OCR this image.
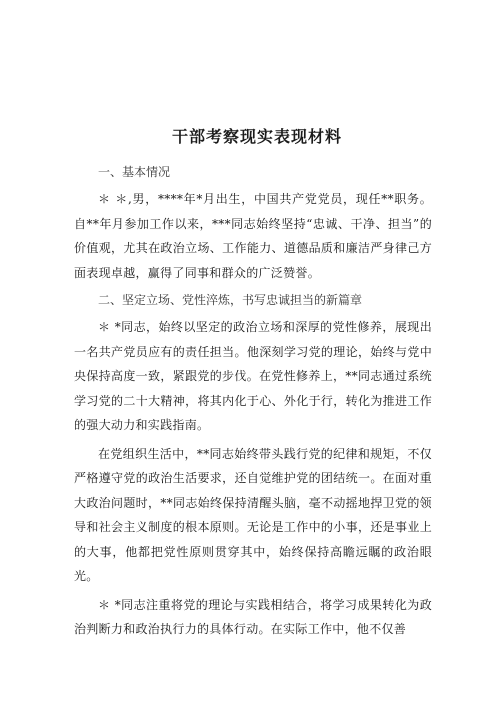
干部考察现实表现材料
一、基本情况

＊ ＊,男，****年*月出生，中国共产党党员，现任**职务。自**年月参加工作以来，***同志始终坚持“忠诚、干净、担当”的价值观，尤其在政治立场、工作能力、道德品质和廉洁严身律己方面表现卓越，赢得了同事和群众的广泛赞誉。

二、坚定立场、党性淬炼，书写忠诚担当的新篇章

＊ *同志，始终以坚定的政治立场和深厚的党性修养，展现出一名共产党员应有的责任担当。他深刻学习党的理论，始终与党中央保持高度一致，紧跟党的步伐。在党性修养上，**同志通过系统学习党的二十大精神，将其内化于心、外化于行，转化为推进工作的强大动力和实践指南。

在党组织生活中，**同志始终带头践行党的纪律和规矩，不仅严格遵守党的政治生活要求，还自觉维护党的团结统一。在面对重大政治问题时，**同志始终保持清醒头脑，毫不动摇地捍卫党的领导和社会主义制度的根本原则。无论是工作中的小事，还是事业上的大事，他都把党性原则贯穿其中，始终保持高瞻远瞩的政治眼光。

＊ *同志注重将党的理论与实践相结合，将学习成果转化为政治判断力和政治执行力的具体行动。在实际工作中，他不仅善
